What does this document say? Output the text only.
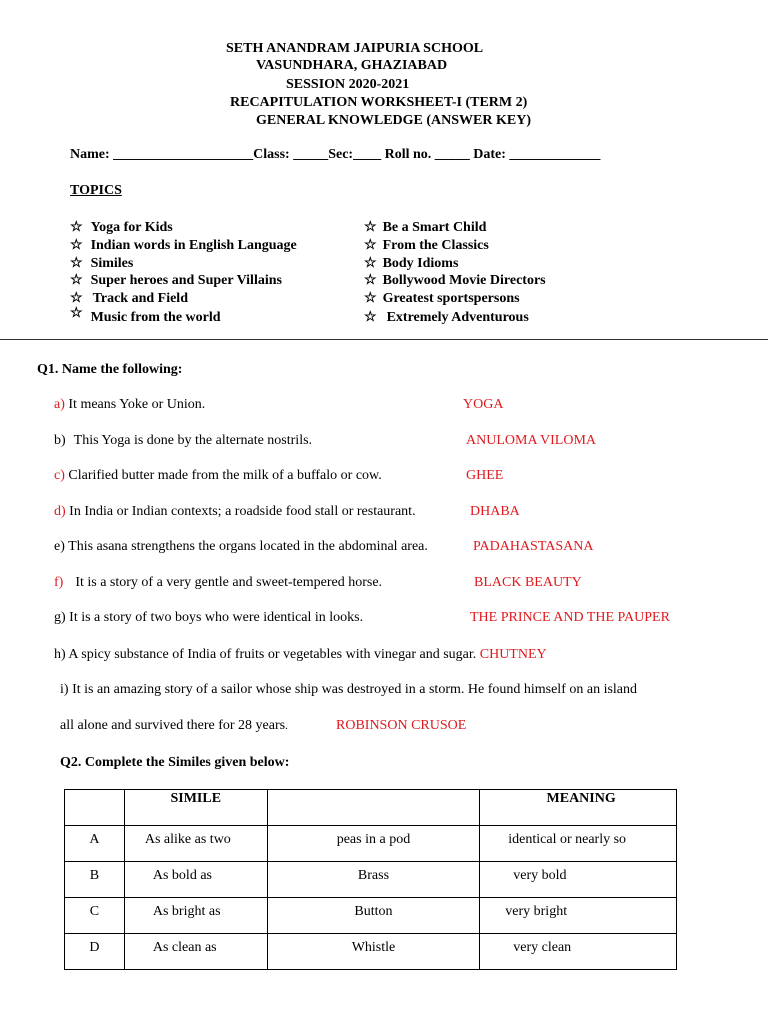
SETH ANANDRAM JAIPURIA SCHOOL
VASUNDHARA, GHAZIABAD
SESSION 2020-2021
RECAPITULATION WORKSHEET-I (TERM 2)
GENERAL KNOWLEDGE (ANSWER KEY)
Name: ____________________Class: _____Sec:____ Roll no. _____ Date: _____________
TOPICS
☆ Yoga for Kids
☆ Indian words in English Language
☆ Similes
☆ Super heroes and Super Villains
☆ Track and Field
☆ Music from the world
☆ Be a Smart Child
☆ From the Classics
☆ Body Idioms
☆ Bollywood Movie Directors
☆ Greatest sportspersons
☆ Extremely Adventurous
Q1. Name the following:
a) It means Yoke or Union.	YOGA
b) This Yoga is done by the alternate nostrils.	ANULOMA VILOMA
c) Clarified butter made from the milk of a buffalo or cow.	GHEE
d) In India or Indian contexts; a roadside food stall or restaurant.	DHABA
e) This asana strengthens the organs located in the abdominal area.	PADAHASTASANA
f) It is a story of a very gentle and sweet-tempered horse.	BLACK BEAUTY
g) It is a story of two boys who were identical in looks.	THE PRINCE AND THE PAUPER
h) A spicy substance of India of fruits or vegetables with vinegar and sugar. CHUTNEY
i) It is an amazing story of a sailor whose ship was destroyed in a storm. He found himself on an island
all alone and survived there for 28 years.	ROBINSON CRUSOE
Q2. Complete the Similes given below:

	SIMILE		MEANING

A	As alike as two	peas in a pod	identical or nearly so

B	As bold as	Brass	very bold

C	As bright as	Button	very bright

D	As clean as	Whistle	very clean
